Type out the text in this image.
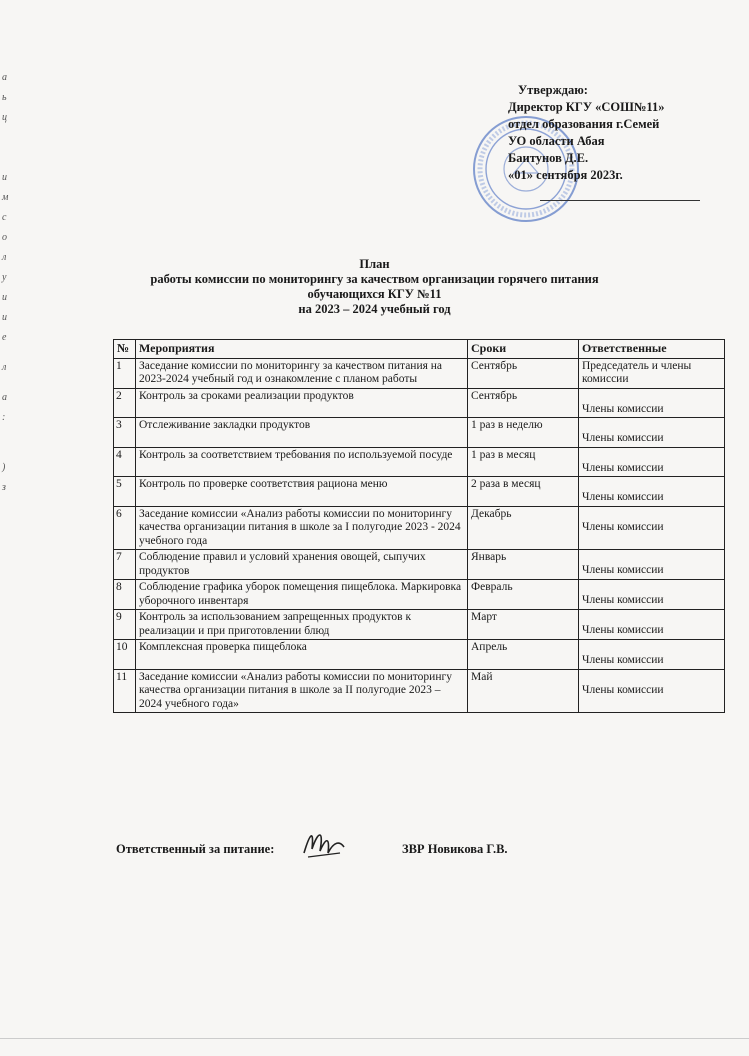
a
ь
ц
и
м
с
о
л
у
и
и
е
л
а
:
)
з
Утверждаю:
Директор КГУ «СОШ№11»
отдел образования г.Семей
УО области Абая
Баитунов Д.Е.
«01» сентября 2023г.
План
работы комиссии по мониторингу за качеством организации горячего питания
обучающихся КГУ №11
на 2023 – 2024 учебный год
№	Мероприятия	Сроки	Ответственные
1	Заседание комиссии по мониторингу за качеством питания на 2023-2024 учебный год и ознакомление с планом работы	Сентябрь	Председатель и члены комиссии
2	Контроль за сроками реализации продуктов	Сентябрь	Члены комиссии
3	Отслеживание закладки продуктов	1 раз в неделю	Члены комиссии
4	Контроль за соответствием требования по используемой посуде	1 раз в месяц	Члены комиссии
5	Контроль по проверке соответствия рациона меню	2 раза в месяц	Члены комиссии
6	Заседание комиссии «Анализ работы комиссии по мониторингу качества организации питания в школе за I полугодие 2023 - 2024 учебного года	Декабрь	Члены комиссии
7	Соблюдение правил и условий хранения овощей, сыпучих продуктов	Январь	Члены комиссии
8	Соблюдение графика уборок помещения пищеблока. Маркировка уборочного инвентаря	Февраль	Члены комиссии
9	Контроль за использованием запрещенных продуктов к реализации и при приготовлении блюд	Март	Члены комиссии
10	Комплексная проверка пищеблока	Апрель	Члены комиссии
11	Заседание комиссии «Анализ работы комиссии по мониторингу качества организации питания в школе за II полугодие 2023 – 2024 учебного года»	Май	Члены комиссии
Ответственный за питание:	ЗВР Новикова Г.В.
